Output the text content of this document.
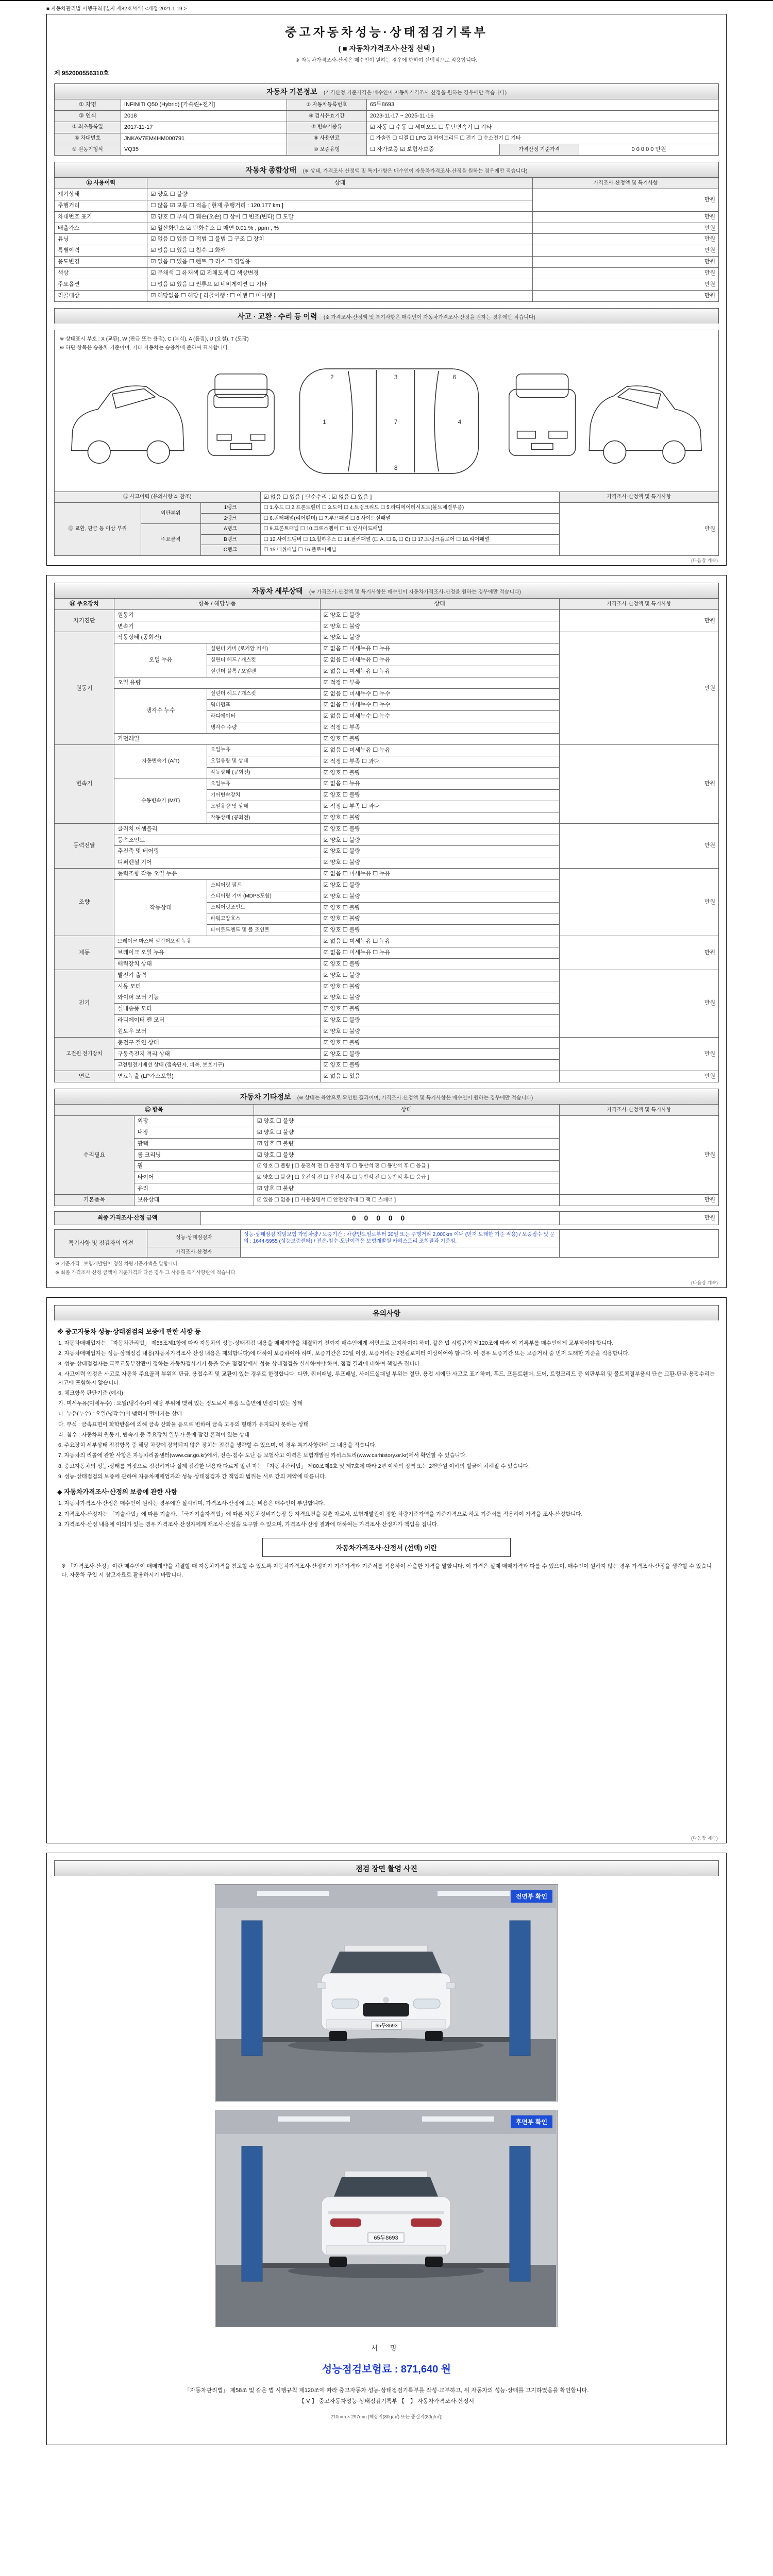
■ 자동차관리법 시행규칙 [별지 제82호서식] <개정 2021.1.19.>
중고자동차성능·상태점검기록부
( ■ 자동차가격조사·산정 선택 )
※ 자동차가격조사·산정은 매수인이 원하는 경우에 한하여 선택적으로 적용합니다.
제 952000556310호
자동차 기본정보 (가격산정 기준가격은 매수인이 자동차가격조사·산정을 원하는 경우에만 적습니다)
① 차명	INFINITI Q50 (Hybrid) [가솔린+전기]	② 자동차등록번호	65두8693		
③ 연식	2018	④ 검사유효기간	2023-11-17 ~ 2025-11-16		
⑤ 최초등록일	2017-11-17	⑦ 변속기종류	☑ 자동 ☐ 수동 ☐ 세미오토 ☐ 무단변속기 ☐ 기타		
⑥ 차대번호	JNKAV7EM4HM000791	⑧ 사용연료	☐ 가솔린 ☐ 디젤 ☐ LPG ☑ 하이브리드 ☐ 전기 ☐ 수소전기 ☐ 기타		
⑨ 원동기형식	VQ35	⑩ 보증유형	☐ 자가보증 ☑ 보험사보증	가격산정 기준가격	0 0 0 0 0 만원
자동차 종합상태 (※ 상태, 가격조사·산정액 및 특기사항은 매수인이 자동차가격조사·산정을 원하는 경우에만 적습니다)
⑪ 사용이력	상태	가격조사·산정액 및 특기사항
계기상태	☑ 양호 ☐ 불량	만원
주행거리	☐ 많음 ☑ 보통 ☐ 적음 [ 현재 주행거리 : 120,177 km ]	
차대번호 표기	☑ 양호 ☐ 부식 ☐ 훼손(오손) ☐ 상이 ☐ 변조(변타) ☐ 도말	만원
배출가스	☑ 일산화탄소 ☑ 탄화수소 ☐ 매연 0.01 % , ppm , %	만원
튜닝	☑ 없음 ☐ 있음 ☐ 적법 ☐ 불법 ☐ 구조 ☐ 장치	만원
특별이력	☑ 없음 ☐ 있음 ☐ 침수 ☐ 화재	만원
용도변경	☑ 없음 ☐ 있음 ☐ 렌트 ☐ 리스 ☐ 영업용	만원
색상	☑ 무채색 ☐ 유채색 ☑ 전체도색 ☐ 색상변경	만원
주요옵션	☐ 없음 ☑ 있음 ☐ 썬루프 ☑ 네비게이션 ☐ 기타	만원
리콜대상	☑ 해당없음 ☐ 해당 [ 리콜이행 : ☐ 이행 ☐ 미이행 ]	만원
사고 · 교환 · 수리 등 이력 (※ 가격조사·산정액 및 특기사항은 매수인이 자동차가격조사·산정을 원하는 경우에만 적습니다)
※ 상태표시 부호 : X (교환), W (판금 또는 용접), C (부식), A (흠집), U (요철), T (도장)
※ 하단 항목은 승용차 기준이며, 기타 자동차는 승용차에 준하여 표시합니다.
1
2	3
4
6
7
8
⑫ 사고이력 (유의사항 4. 참조)			☑ 없음 ☐ 있음 [ 단순수리 : ☑ 없음 ☐ 있음 ]	가격조사·산정액 및 특기사항
⑬ 교환, 판금 등 이상 부위	외판부위	1랭크	☐ 1.후드 ☐ 2.프론트휀더 ☐ 3.도어 ☐ 4.트렁크리드 ☐ 5.라디에이터서포트(볼트체결부품)	만원
		2랭크	☐ 6.쿼터패널(리어휀더) ☐ 7.루프패널 ☐ 8.사이드실패널	
	주요골격	A랭크	☐ 9.프론트패널 ☐ 10.크로스멤버 ☐ 11.인사이드패널	
		B랭크	☐ 12.사이드멤버 ☐ 13.휠하우스 ☐ 14.필러패널 (☐ A, ☐ B, ☐ C) ☐ 17.트렁크플로어 ☐ 18.리어패널	
		C랭크	☐ 15.대쉬패널 ☐ 16.플로어패널	
(다음장 계속)
자동차 세부상태 (※ 가격조사·산정액 및 특기사항은 매수인이 자동차가격조사·산정을 원하는 경우에만 적습니다)
⑭ 주요장치	항목 / 해당부품		상태	가격조사·산정액 및 특기사항
자기진단	원동기		☑ 양호 ☐ 불량	만원
	변속기		☑ 양호 ☐ 불량	
원동기	작동상태 (공회전)		☑ 양호 ☐ 불량	만원
	오일 누유	실린더 커버 (로커암 커버)	☑ 없음 ☐ 미세누유 ☐ 누유	
		실린더 헤드 / 개스킷	☑ 없음 ☐ 미세누유 ☐ 누유	
		실린더 블록 / 오일팬	☑ 없음 ☐ 미세누유 ☐ 누유	
	오일 유량		☑ 적정 ☐ 부족	
	냉각수 누수	실린더 헤드 / 개스킷	☑ 없음 ☐ 미세누수 ☐ 누수	
		워터펌프	☑ 없음 ☐ 미세누수 ☐ 누수	
		라디에이터	☑ 없음 ☐ 미세누수 ☐ 누수	
		냉각수 수량	☑ 적정 ☐ 부족	
	커먼레일		☑ 양호 ☐ 불량	
변속기	자동변속기 (A/T)	오일누유	☑ 없음 ☐ 미세누유 ☐ 누유	만원
		오일유량 및 상태	☑ 적정 ☐ 부족 ☐ 과다	
		작동상태 (공회전)	☑ 양호 ☐ 불량	
	수동변속기 (M/T)	오일누유	☑ 없음 ☐ 누유	
		기어변속장치	☑ 양호 ☐ 불량	
		오일유량 및 상태	☑ 적정 ☐ 부족 ☐ 과다	
		작동상태 (공회전)	☑ 양호 ☐ 불량	
동력전달	클러치 어셈블리		☑ 양호 ☐ 불량	만원
	등속조인트		☑ 양호 ☐ 불량	
	추진축 및 베어링		☑ 양호 ☐ 불량	
	디퍼렌셜 기어		☑ 양호 ☐ 불량	
조향	동력조향 작동 오일 누유		☑ 없음 ☐ 미세누유 ☐ 누유	만원
	작동상태	스티어링 펌프	☑ 양호 ☐ 불량	
		스티어링 기어 (MDPS포함)	☑ 양호 ☐ 불량	
		스티어링조인트	☑ 양호 ☐ 불량	
		파워고압호스	☑ 양호 ☐ 불량	
		타이로드엔드 및 볼 조인트	☑ 양호 ☐ 불량	
제동	브레이크 마스터 실린더오일 누유		☑ 없음 ☐ 미세누유 ☐ 누유	만원
	브레이크 오일 누유		☑ 없음 ☐ 미세누유 ☐ 누유	
	배력장치 상태		☑ 양호 ☐ 불량	
전기	발전기 출력		☑ 양호 ☐ 불량	만원
	시동 모터		☑ 양호 ☐ 불량	
	와이퍼 모터 기능		☑ 양호 ☐ 불량	
	실내송풍 모터		☑ 양호 ☐ 불량	
	라디에이터 팬 모터		☑ 양호 ☐ 불량	
	윈도우 모터		☑ 양호 ☐ 불량	
고전원 전기장치	충전구 절연 상태		☑ 양호 ☐ 불량	만원
	구동축전지 격리 상태		☑ 양호 ☐ 불량	
	고전원전기배선 상태 (접속단자, 피복, 보호기구)		☑ 양호 ☐ 불량	
연료	연료누출 (LP가스포함)		☑ 없음 ☐ 있음	만원
자동차 기타정보 (※ 상태는 육안으로 확인한 결과이며, 가격조사·산정액 및 특기사항은 매수인이 원하는 경우에만 적습니다)
⑮ 항목		상태	가격조사·산정액 및 특기사항
수리필요	외장	☑ 양호 ☐ 불량	만원
	내장	☑ 양호 ☐ 불량	
	광택	☑ 양호 ☐ 불량	
	룸 크리닝	☑ 양호 ☐ 불량	
	휠	☑ 양호 ☐ 불량 [ ☐ 운전석 전 ☐ 운전석 후 ☐ 동반석 전 ☐ 동반석 후 ☐ 응급 ]	
	타이어	☑ 양호 ☐ 불량 [ ☐ 운전석 전 ☐ 운전석 후 ☐ 동반석 전 ☐ 동반석 후 ☐ 응급 ]	
	유리	☑ 양호 ☐ 불량	
기본품목	보유상태	☑ 있음 ☐ 없음 [ ☐ 사용설명서 ☐ 안전삼각대 ☐ 잭 ☐ 스패너 ]	만원
최종 가격조사·산정 금액	0 0 0 0 0	만원
특기사항 및 점검자의 의견	성능·상태점검자	성능·상태점검 책임보험 가입차량 / 보증기간 : 차량인도일로부터 30일 또는 주행거리 2,000km 이내 (먼저 도래한 기준 적용) / 보증접수 및 문의 : 1644-5955 (성능보증센터) / 전손·침수·도난이력은 보험개발원 카히스토리 조회결과 기준임.	
	가격조사·산정자		
※ 기준가격 : 보험개발원이 정한 차량기준가액을 말합니다.
※ 최종 가격조사·산정 금액이 기준가격과 다른 경우 그 사유를 특기사항란에 적습니다.
(다음장 계속)
유의사항
※ 중고자동차 성능·상태점검의 보증에 관한 사항 등
1. 자동차매매업자는 「자동차관리법」 제58조제1항에 따라 자동차의 성능·상태점검 내용을 매매계약을 체결하기 전까지 매수인에게 서면으로 고지하여야 하며, 같은 법 시행규칙 제120조에 따라 이 기록부를 매수인에게 교부하여야 합니다.
2. 자동차매매업자는 성능·상태점검 내용(자동차가격조사·산정 내용은 제외합니다)에 대하여 보증하여야 하며, 보증기간은 30일 이상, 보증거리는 2천킬로미터 이상이어야 합니다. 이 경우 보증기간 또는 보증거리 중 먼저 도래한 기준을 적용합니다.
3. 성능·상태점검자는 국토교통부장관이 정하는 자동차검사기기 등을 갖춘 점검장에서 성능·상태점검을 실시하여야 하며, 점검 결과에 대하여 책임을 집니다.
4. 사고이력 인정은 사고로 자동차 주요골격 부위의 판금, 용접수리 및 교환이 있는 경우로 한정합니다. 다만, 쿼터패널, 루프패널, 사이드실패널 부위는 절단, 용접 시에만 사고로 표기하며, 후드, 프론트휀더, 도어, 트렁크리드 등 외판부위 및 볼트체결부품의 단순 교환·판금·용접수리는 사고에 포함하지 않습니다.
5. 체크항목 판단기준 (예시)
가. 미세누유(미세누수) : 오일(냉각수)이 해당 부위에 맺혀 있는 정도로서 부품 노출면에 번짐이 있는 상태
나. 누유(누수) : 오일(냉각수)이 맺혀서 떨어지는 상태
다. 부식 : 금속표면이 화학반응에 의해 금속 산화물 등으로 변하여 금속 고유의 형태가 유지되지 못하는 상태
라. 침수 : 자동차의 원동기, 변속기 등 주요장치 일부가 물에 잠긴 흔적이 있는 상태
6. 주요장치 세부상태 점검항목 중 해당 차량에 장착되지 않은 장치는 점검을 생략할 수 있으며, 이 경우 특기사항란에 그 내용을 적습니다.
7. 자동차의 리콜에 관한 사항은 자동차리콜센터(www.car.go.kr)에서, 전손·침수·도난 등 보험사고 이력은 보험개발원 카히스토리(www.carhistory.or.kr)에서 확인할 수 있습니다.
8. 중고자동차의 성능·상태를 거짓으로 점검하거나 실제 점검한 내용과 다르게 알린 자는 「자동차관리법」 제80조제6호 및 제7호에 따라 2년 이하의 징역 또는 2천만원 이하의 벌금에 처해질 수 있습니다.
9. 성능·상태점검의 보증에 관하여 자동차매매업자와 성능·상태점검자 간 책임의 범위는 서로 간의 계약에 따릅니다.
◆ 자동차가격조사·산정의 보증에 관한 사항
1. 자동차가격조사·산정은 매수인이 원하는 경우에만 실시하며, 가격조사·산정에 드는 비용은 매수인이 부담합니다.
2. 가격조사·산정자는 「기술사법」에 따른 기술사, 「국가기술자격법」에 따른 자동차정비기능장 등 자격요건을 갖춘 자로서, 보험개발원이 정한 차량기준가액을 기준가격으로 하고 기준서를 적용하여 가격을 조사·산정합니다.
3. 가격조사·산정 내용에 이의가 있는 경우 가격조사·산정자에게 재조사·산정을 요구할 수 있으며, 가격조사·산정 결과에 대하여는 가격조사·산정자가 책임을 집니다.
자동차가격조사·산정서 (선택) 이란
※ 「가격조사·산정」이란 매수인이 매매계약을 체결할 때 자동차가격을 참고할 수 있도록 자동차가격조사·산정자가 기준가격과 기준서를 적용하여 산출한 가격을 말합니다. 이 가격은 실제 매매가격과 다를 수 있으며, 매수인이 원하지 않는 경우 가격조사·산정을 생략할 수 있습니다. 자동차 구입 시 참고자료로 활용하시기 바랍니다.
(다음장 계속)
점검 장면 촬영 사진
65두8693
전면부 확인
65두8693
후면부 확인
서 명
성능점검보험료 : 871,640 원
「자동차관리법」 제58조 및 같은 법 시행규칙 제120조에 따라 중고자동차 성능·상태점검기록부를 작성·교부하고, 위 자동차의 성능·상태를 고지하였음을 확인합니다.
【 V 】 중고자동차성능·상태점검기록부 【　】 자동차가격조사·산정서
210mm × 297mm [백상지(80g/㎡) 또는 중질지(80g/㎡)]
